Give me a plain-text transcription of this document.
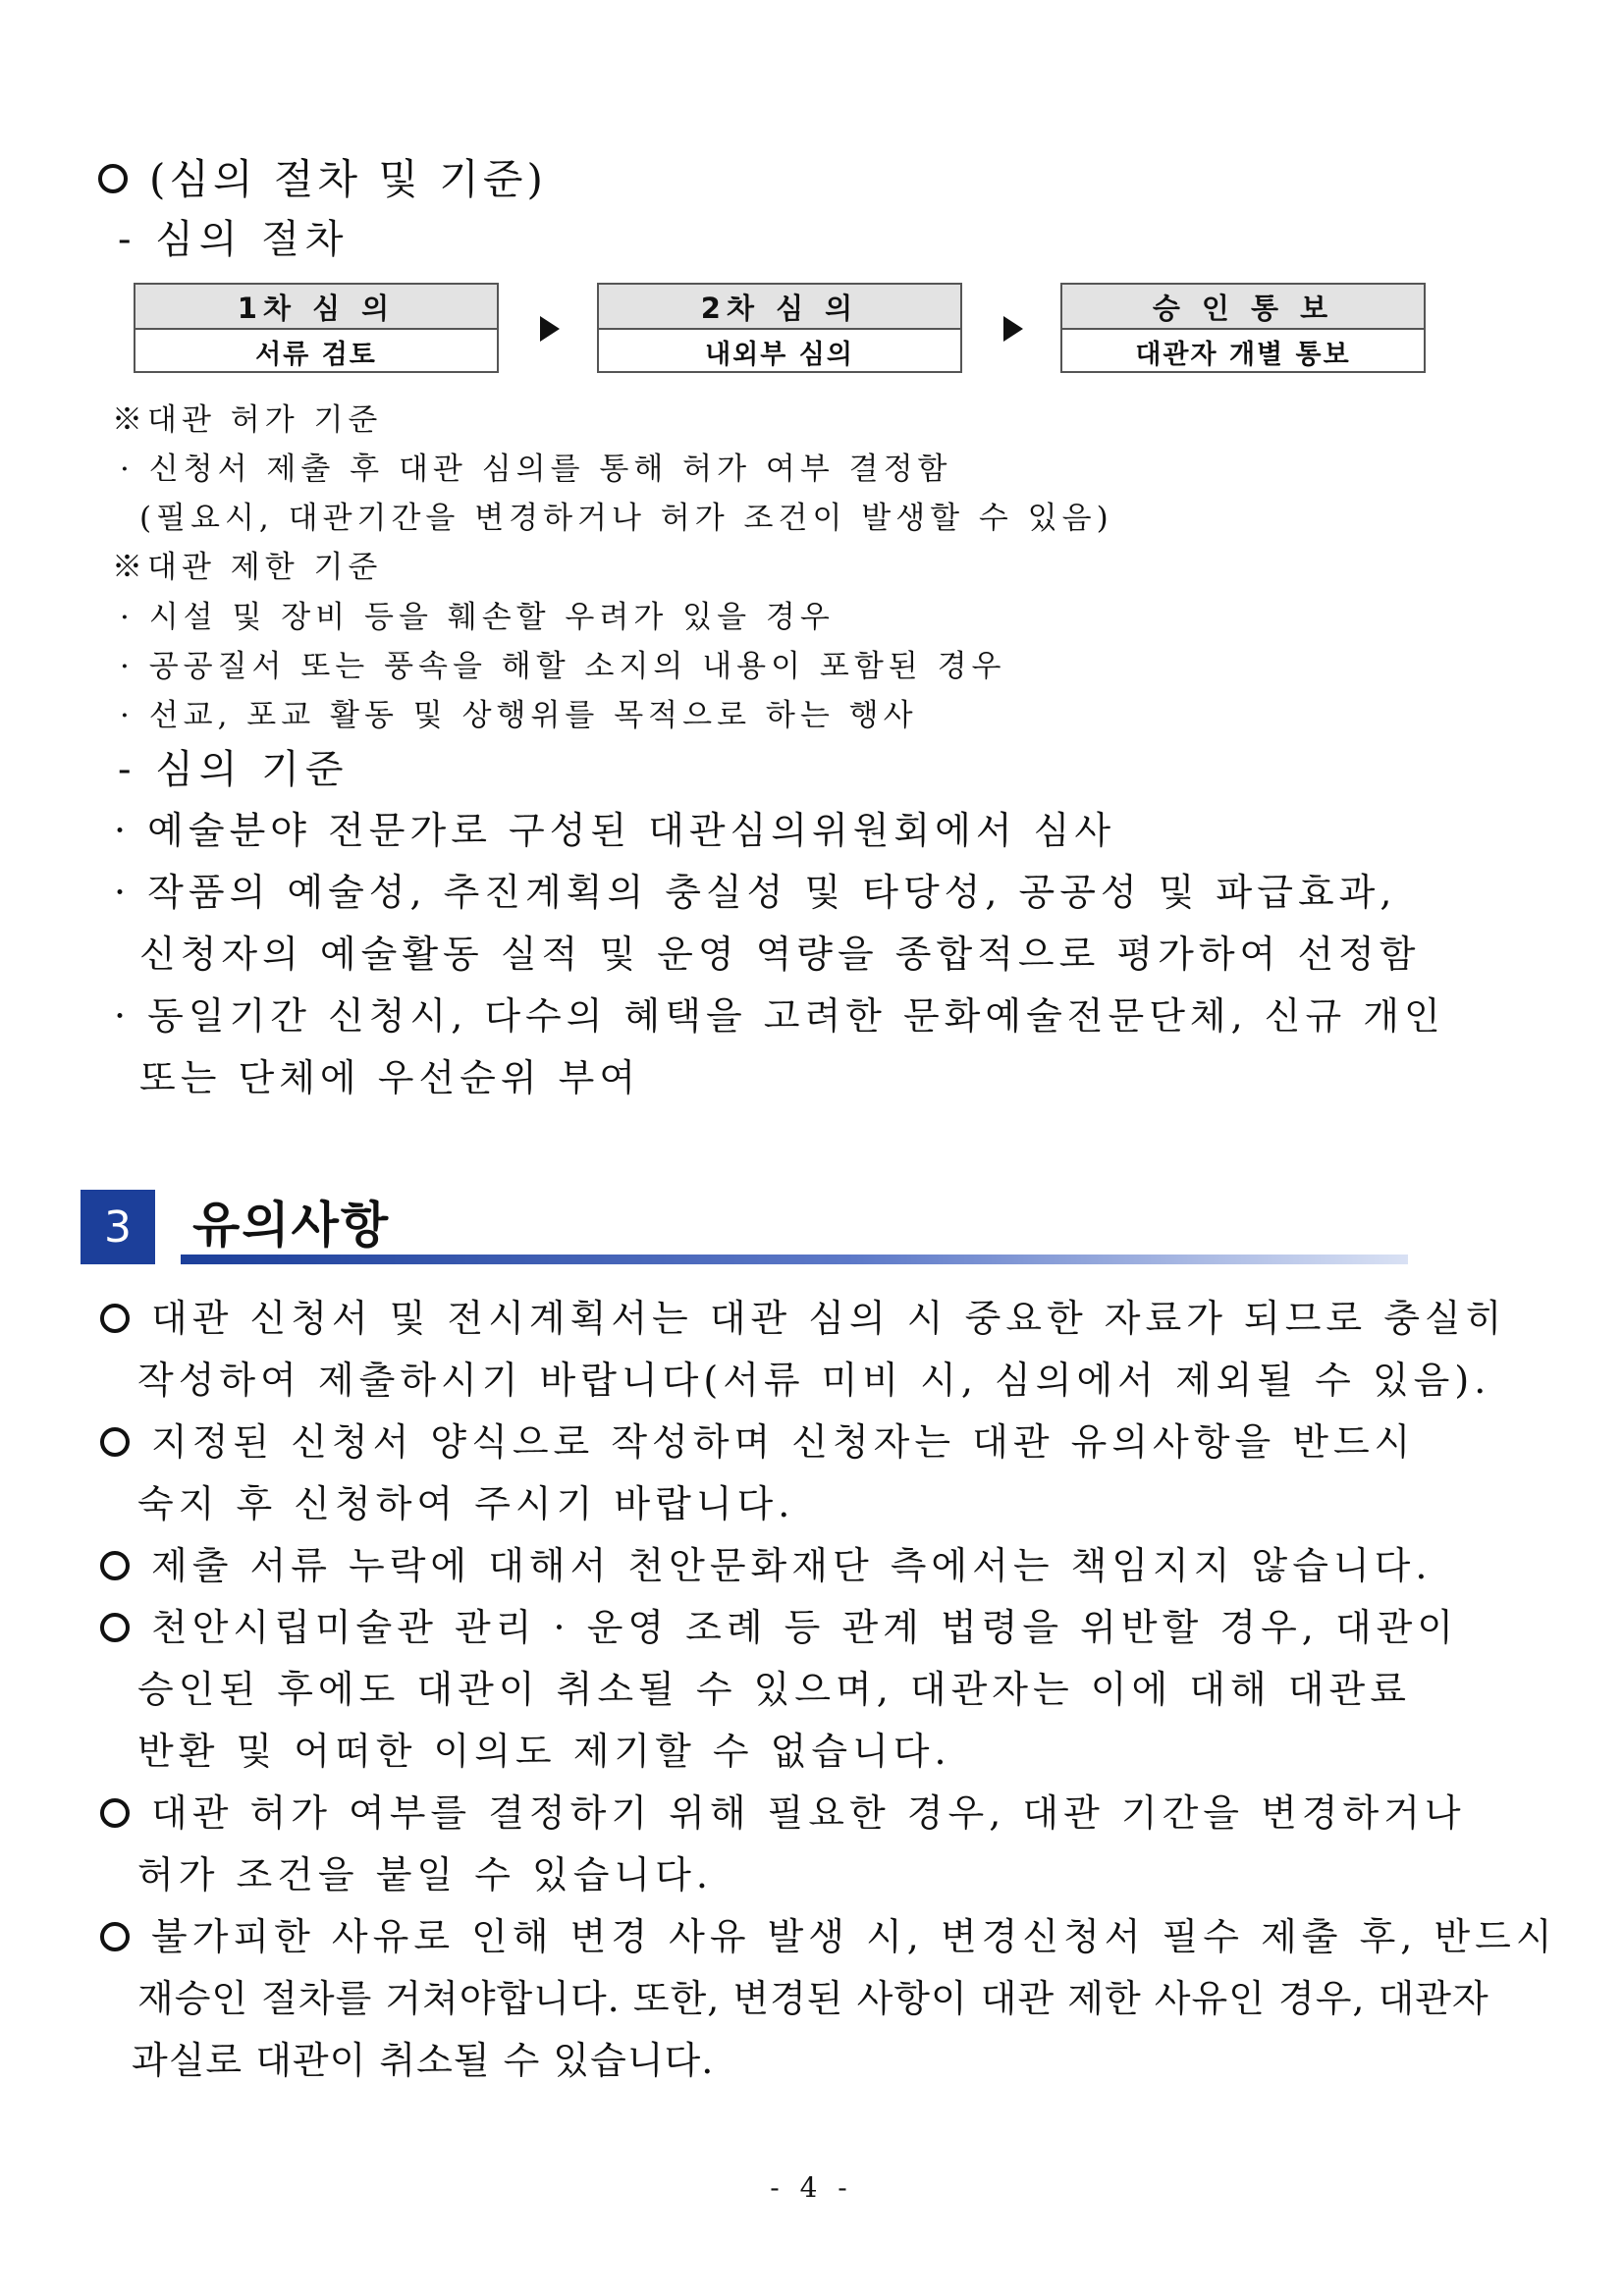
(심의 절차 및 기준)
- 심의 절차
1차 심 의
서류 검토
2차 심 의
내외부 심의
승 인 통 보
대관자 개별 통보
※대관 허가 기준
· 신청서 제출 후 대관 심의를 통해 허가 여부 결정함
(필요시, 대관기간을 변경하거나 허가 조건이 발생할 수 있음)
※대관 제한 기준
· 시설 및 장비 등을 훼손할 우려가 있을 경우
· 공공질서 또는 풍속을 해할 소지의 내용이 포함된 경우
· 선교, 포교 활동 및 상행위를 목적으로 하는 행사
- 심의 기준
· 예술분야 전문가로 구성된 대관심의위원회에서 심사
· 작품의 예술성, 추진계획의 충실성 및 타당성, 공공성 및 파급효과,
신청자의 예술활동 실적 및 운영 역량을 종합적으로 평가하여 선정함
· 동일기간 신청시, 다수의 혜택을 고려한 문화예술전문단체, 신규 개인
또는 단체에 우선순위 부여
3	유의사항
대관 신청서 및 전시계획서는 대관 심의 시 중요한 자료가 되므로 충실히
작성하여 제출하시기 바랍니다(서류 미비 시, 심의에서 제외될 수 있음).
지정된 신청서 양식으로 작성하며 신청자는 대관 유의사항을 반드시
숙지 후 신청하여 주시기 바랍니다.
제출 서류 누락에 대해서 천안문화재단 측에서는 책임지지 않습니다.
천안시립미술관 관리 · 운영 조례 등 관계 법령을 위반할 경우, 대관이
승인된 후에도 대관이 취소될 수 있으며, 대관자는 이에 대해 대관료
반환 및 어떠한 이의도 제기할 수 없습니다.
대관 허가 여부를 결정하기 위해 필요한 경우, 대관 기간을 변경하거나
허가 조건을 붙일 수 있습니다.
불가피한 사유로 인해 변경 사유 발생 시, 변경신청서 필수 제출 후, 반드시
재승인 절차를 거쳐야합니다. 또한, 변경된 사항이 대관 제한 사유인 경우, 대관자
과실로 대관이 취소될 수 있습니다.
- 4 -
